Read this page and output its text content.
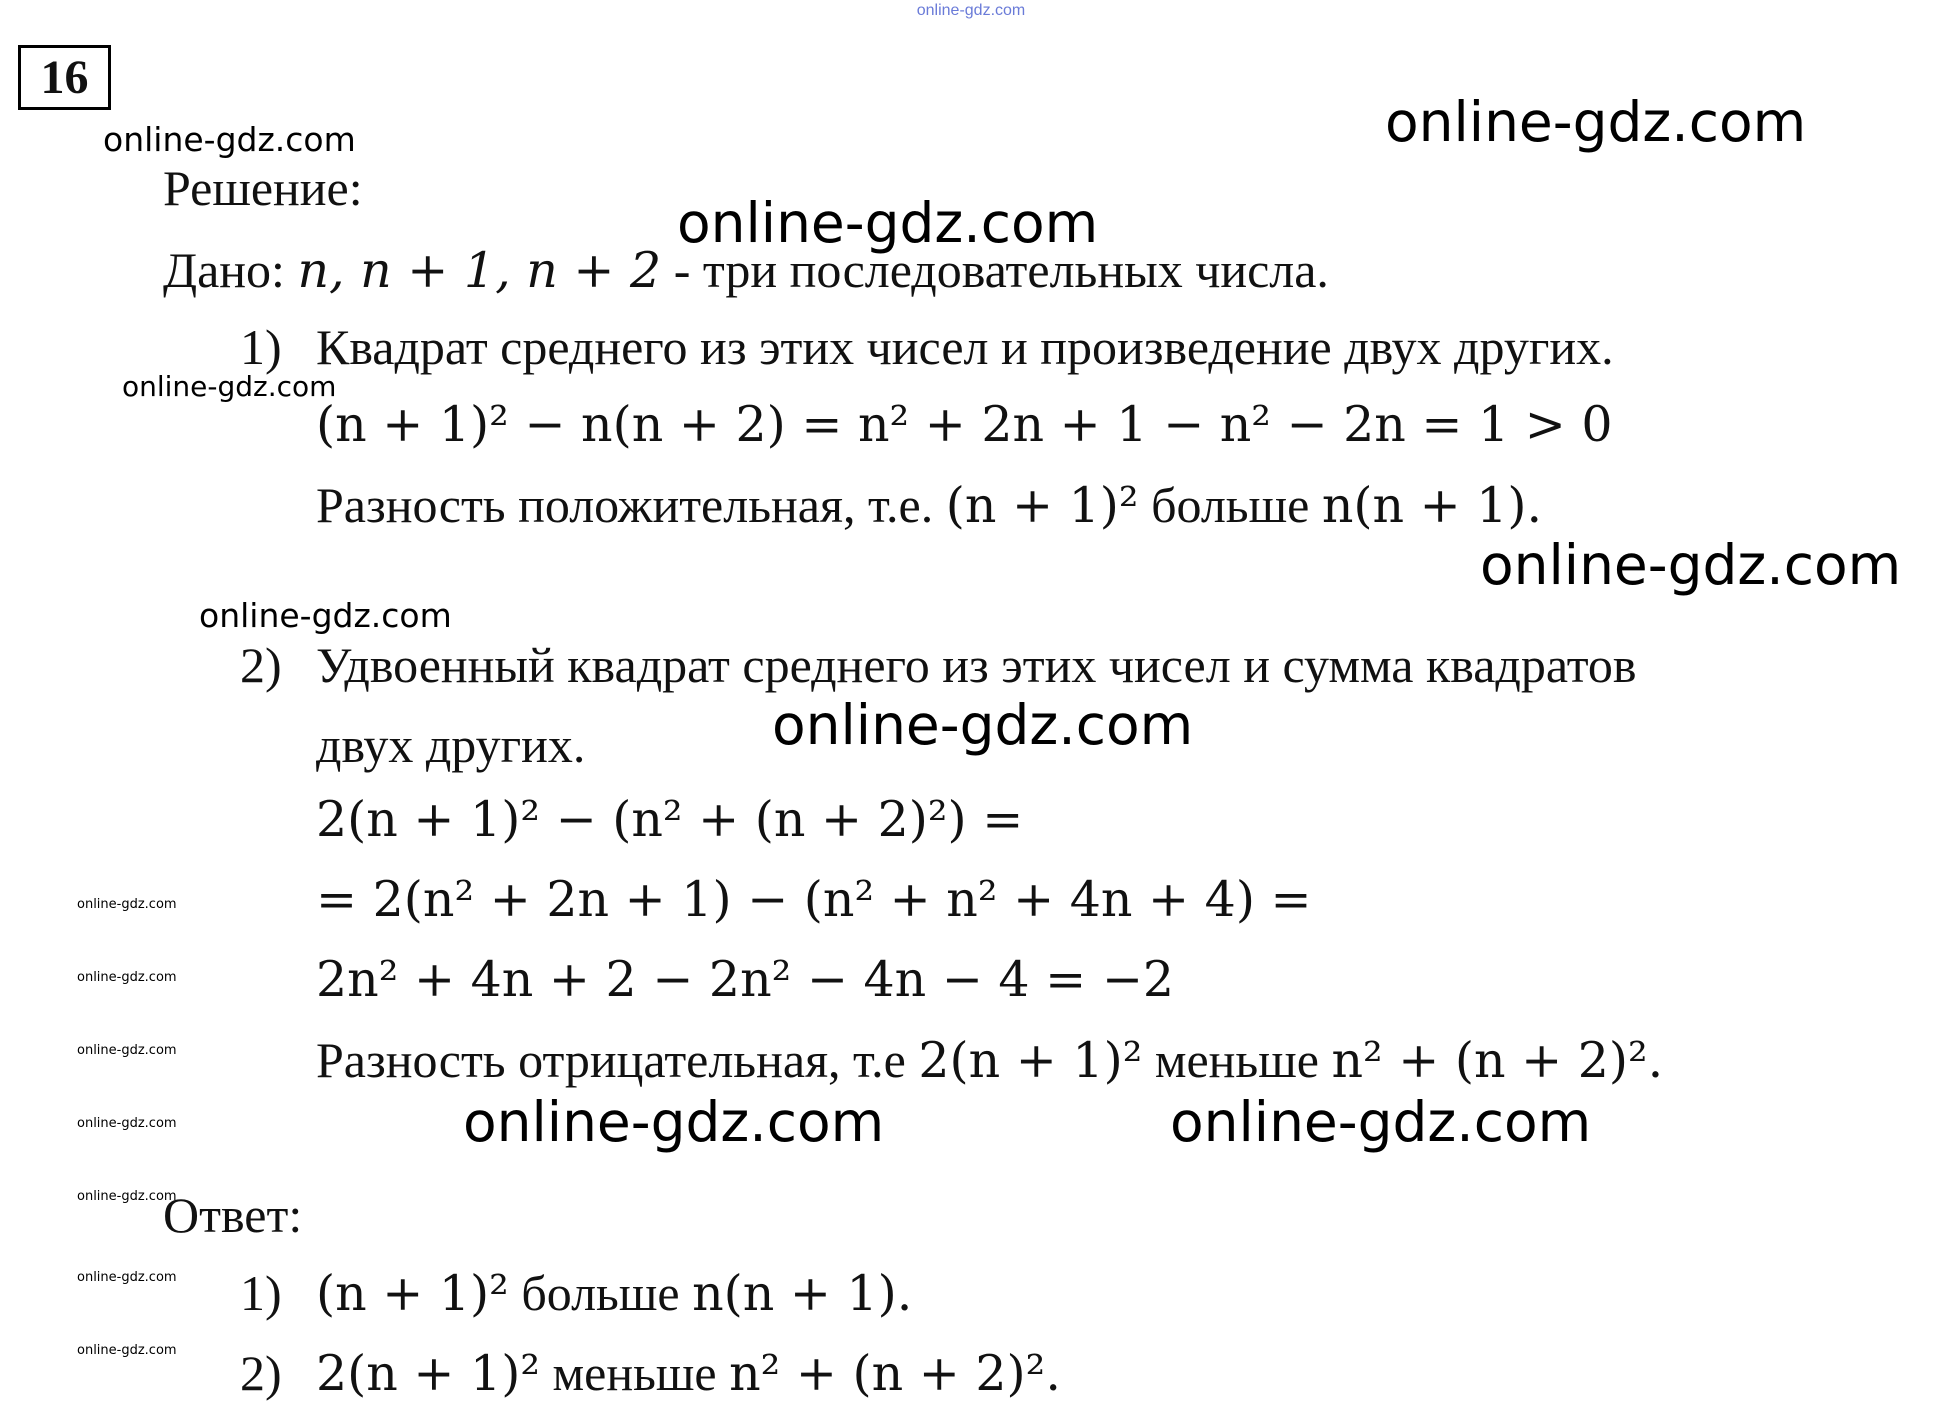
online-gdz.com
16
online-gdz.com
online-gdz.com
online-gdz.com
online-gdz.com
online-gdz.com
online-gdz.com
online-gdz.com
online-gdz.com	online-gdz.com
online-gdz.com
online-gdz.com
online-gdz.com
online-gdz.com
online-gdz.com
online-gdz.com
online-gdz.com
Решение:
Дано: n, n + 1, n + 2 - три последовательных числа.
1) Квадрат среднего из этих чисел и произведение двух других.
(n + 1)² − n(n + 2) = n² + 2n + 1 − n² − 2n = 1 > 0
Разность положительная, т.е. (n + 1)² больше n(n + 1).
2) Удвоенный квадрат среднего из этих чисел и сумма квадратов
двух других.
2(n + 1)² − (n² + (n + 2)²) =
= 2(n² + 2n + 1) − (n² + n² + 4n + 4) =
2n² + 4n + 2 − 2n² − 4n − 4 = −2
Разность отрицательная, т.е 2(n + 1)² меньше n² + (n + 2)².
Ответ:
1) (n + 1)² больше n(n + 1).
2) 2(n + 1)² меньше n² + (n + 2)².
